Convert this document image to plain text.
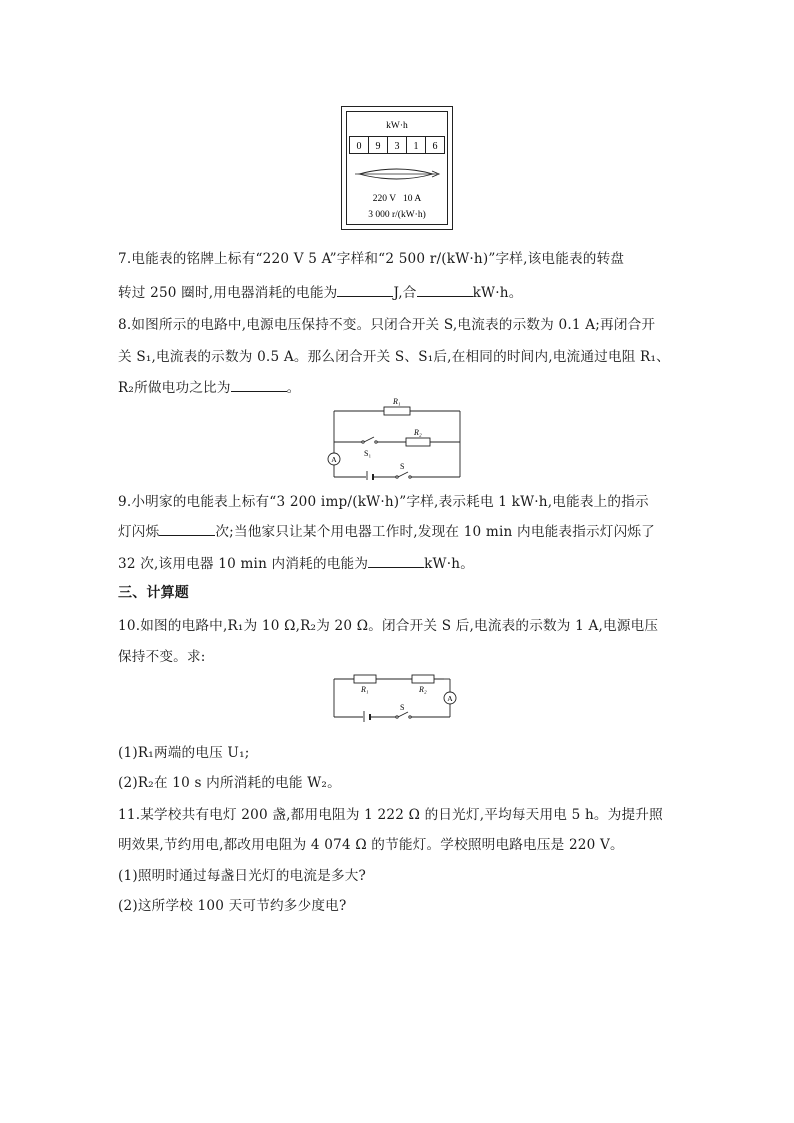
kW·h
0 9 3 1 6
220 V   10 A
3 000 r/(kW·h)
7.电能表的铭牌上标有“220 V 5 A”字样和“2 500 r/(kW·h)”字样,该电能表的转盘
转过 250 圈时,用电器消耗的电能为	J,合	kW·h。
8.如图所示的电路中,电源电压保持不变。只闭合开关 S,电流表的示数为 0.1 A;再闭合开
关 S₁,电流表的示数为 0.5 A。那么闭合开关 S、S₁后,在相同的时间内,电流通过电阻 R₁、
R₂所做电功之比为	。
R₁
R₂
S₁
A
S
9.小明家的电能表上标有“3 200 imp/(kW·h)”字样,表示耗电 1 kW·h,电能表上的指示
灯闪烁	次;当他家只让某个用电器工作时,发现在 10 min 内电能表指示灯闪烁了
32 次,该用电器 10 min 内消耗的电能为	kW·h。
三、计算题
10.如图的电路中,R₁为 10 Ω,R₂为 20 Ω。闭合开关 S 后,电流表的示数为 1 A,电源电压
保持不变。求:
R₁	R₂
A
S
(1)R₁两端的电压 U₁;
(2)R₂在 10 s 内所消耗的电能 W₂。
11.某学校共有电灯 200 盏,都用电阻为 1 222 Ω 的日光灯,平均每天用电 5 h。为提升照
明效果,节约用电,都改用电阻为 4 074 Ω 的节能灯。学校照明电路电压是 220 V。
(1)照明时通过每盏日光灯的电流是多大?
(2)这所学校 100 天可节约多少度电?
